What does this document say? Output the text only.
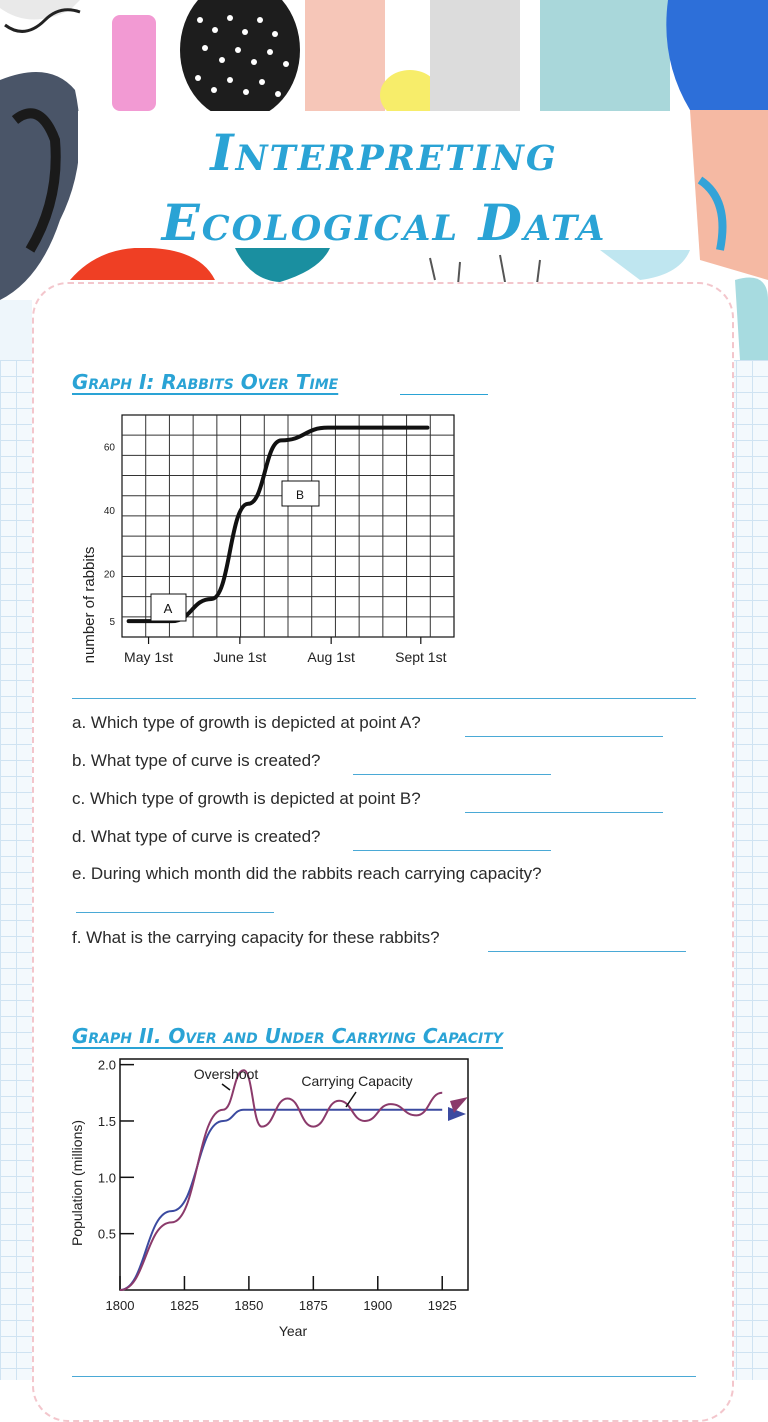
Interpreting
Ecological Data
Graph I: Rabbits Over Time
5
20
40
60
May 1st	June 1st	Aug 1st	Sept 1st
number of rabbits	A
B
a. Which type of growth is depicted at point A?
b. What type of curve is created?
c. Which type of growth is depicted at point B?
d. What type of curve is created?
e. During which month did the rabbits reach carrying capacity?
f. What is the carrying capacity for these rabbits?
Graph II. Over and Under Carrying Capacity
2.0
1.5
1.0
0.5
1800	1825	1850	1875	1900	1925
Population (millions)
Year
Overshoot	Carrying Capacity
